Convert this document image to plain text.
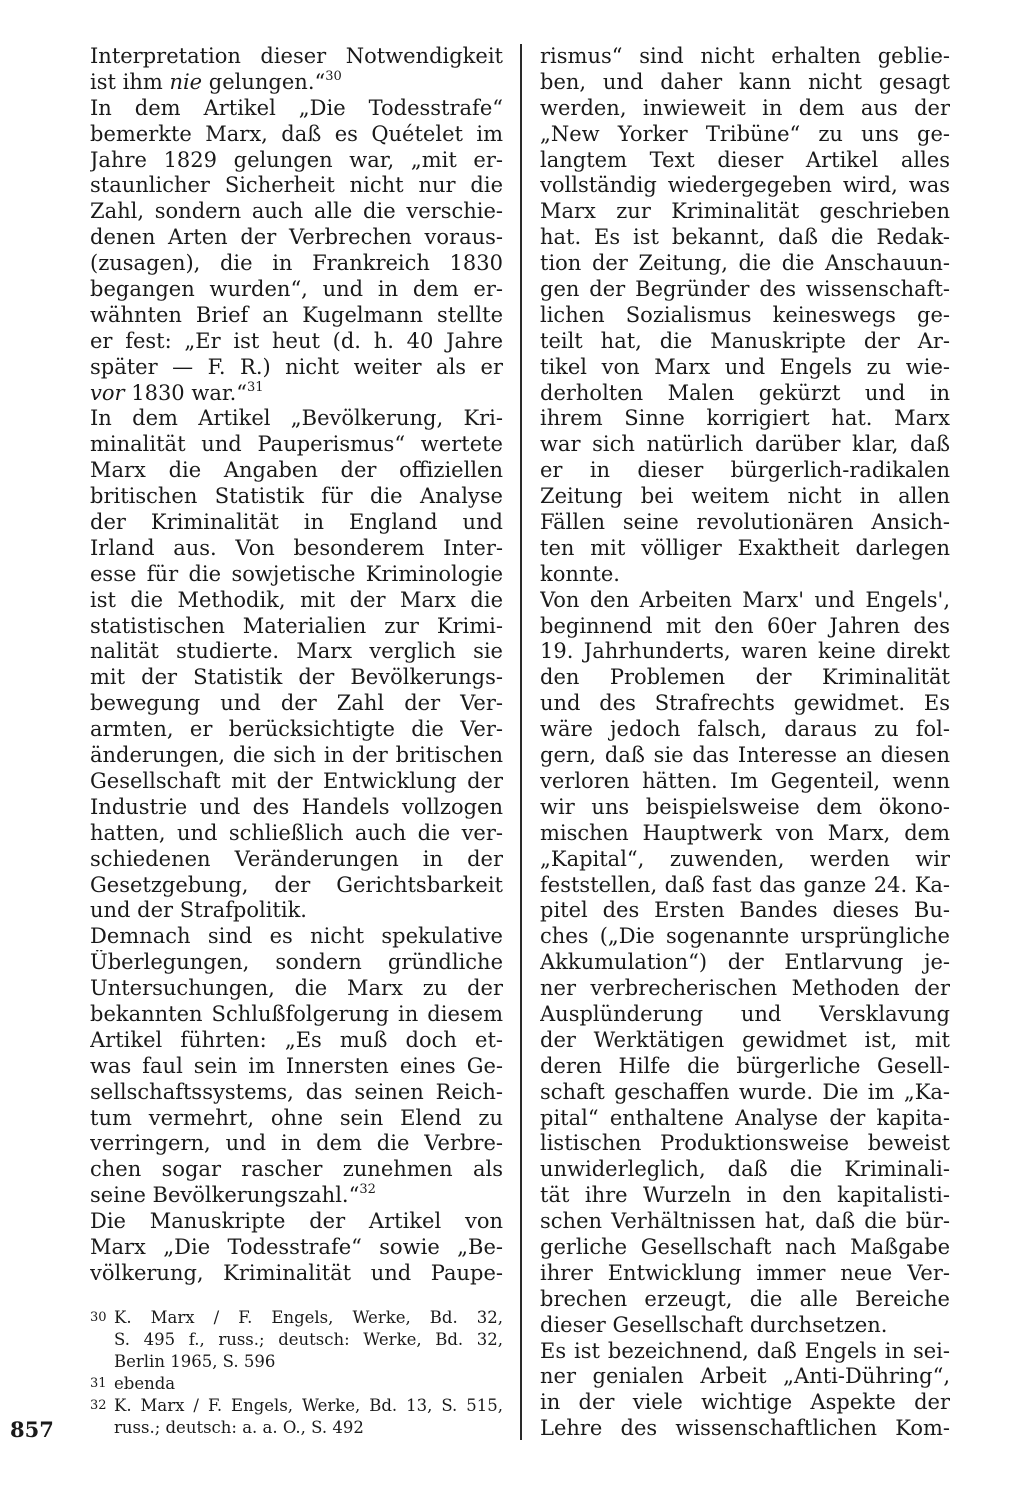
Interpretation dieser Notwendigkeit
ist ihm nie gelungen.“$^{30}$
In dem Artikel „Die Todesstrafe“
bemerkte Marx, daß es Quételet im
Jahre 1829 gelungen war, „mit er-
staunlicher Sicherheit nicht nur die
Zahl, sondern auch alle die verschie-
denen Arten der Verbrechen voraus-
(zusagen), die in Frankreich 1830
begangen wurden“, und in dem er-
wähnten Brief an Kugelmann stellte
er fest: „Er ist heut (d. h. 40 Jahre
später — F. R.) nicht weiter als er
vor 1830 war.“$^{31}$
In dem Artikel „Bevölkerung, Kri-
minalität und Pauperismus“ wertete
Marx die Angaben der offiziellen
britischen Statistik für die Analyse
der Kriminalität in England und
Irland aus. Von besonderem Inter-
esse für die sowjetische Kriminologie
ist die Methodik, mit der Marx die
statistischen Materialien zur Krimi-
nalität studierte. Marx verglich sie
mit der Statistik der Bevölkerungs-
bewegung und der Zahl der Ver-
armten, er berücksichtigte die Ver-
änderungen, die sich in der britischen
Gesellschaft mit der Entwicklung der
Industrie und des Handels vollzogen
hatten, und schließlich auch die ver-
schiedenen Veränderungen in der
Gesetzgebung, der Gerichtsbarkeit
und der Strafpolitik.
Demnach sind es nicht spekulative
Überlegungen, sondern gründliche
Untersuchungen, die Marx zu der
bekannten Schlußfolgerung in diesem
Artikel führten: „Es muß doch et-
was faul sein im Innersten eines Ge-
sellschaftssystems, das seinen Reich-
tum vermehrt, ohne sein Elend zu
verringern, und in dem die Verbre-
chen sogar rascher zunehmen als
seine Bevölkerungszahl.“$^{32}$
Die Manuskripte der Artikel von
Marx „Die Todesstrafe“ sowie „Be-
völkerung, Kriminalität und Paupe-
rismus“ sind nicht erhalten geblie-
ben, und daher kann nicht gesagt
werden, inwieweit in dem aus der
„New Yorker Tribüne“ zu uns ge-
langtem Text dieser Artikel alles
vollständig wiedergegeben wird, was
Marx zur Kriminalität geschrieben
hat. Es ist bekannt, daß die Redak-
tion der Zeitung, die die Anschauun-
gen der Begründer des wissenschaft-
lichen Sozialismus keineswegs ge-
teilt hat, die Manuskripte der Ar-
tikel von Marx und Engels zu wie-
derholten Malen gekürzt und in
ihrem Sinne korrigiert hat. Marx
war sich natürlich darüber klar, daß
er in dieser bürgerlich-radikalen
Zeitung bei weitem nicht in allen
Fällen seine revolutionären Ansich-
ten mit völliger Exaktheit darlegen
konnte.
Von den Arbeiten Marx' und Engels',
beginnend mit den 60er Jahren des
19. Jahrhunderts, waren keine direkt
den Problemen der Kriminalität
und des Strafrechts gewidmet. Es
wäre jedoch falsch, daraus zu fol-
gern, daß sie das Interesse an diesen
verloren hätten. Im Gegenteil, wenn
wir uns beispielsweise dem ökono-
mischen Hauptwerk von Marx, dem
„Kapital“, zuwenden, werden wir
feststellen, daß fast das ganze 24. Ka-
pitel des Ersten Bandes dieses Bu-
ches („Die sogenannte ursprüngliche
Akkumulation“) der Entlarvung je-
ner verbrecherischen Methoden der
Ausplünderung und Versklavung
der Werktätigen gewidmet ist, mit
deren Hilfe die bürgerliche Gesell-
schaft geschaffen wurde. Die im „Ka-
pital“ enthaltene Analyse der kapita-
listischen Produktionsweise beweist
unwiderleglich, daß die Kriminali-
tät ihre Wurzeln in den kapitalisti-
schen Verhältnissen hat, daß die bür-
gerliche Gesellschaft nach Maßgabe
ihrer Entwicklung immer neue Ver-
brechen erzeugt, die alle Bereiche
dieser Gesellschaft durchsetzen.
Es ist bezeichnend, daß Engels in sei-
ner genialen Arbeit „Anti-Dühring“,
in der viele wichtige Aspekte der
Lehre des wissenschaftlichen Kom-
30 K. Marx / F. Engels, Werke, Bd. 32,
S. 495 f., russ.; deutsch: Werke, Bd. 32,
Berlin 1965, S. 596
31 ebenda
32 K. Marx / F. Engels, Werke, Bd. 13, S. 515,
russ.; deutsch: a. a. O., S. 492
857
